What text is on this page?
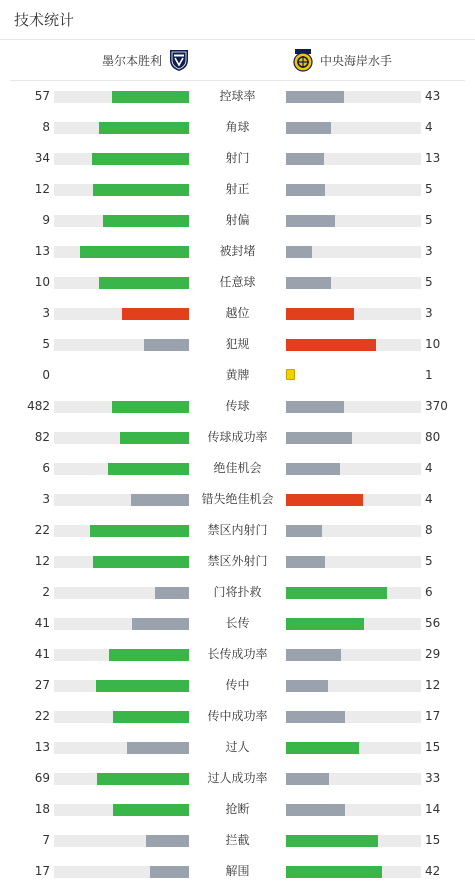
技术统计
墨尔本胜利	中央海岸水手
57	控球率	43
8	角球	4
34	射门	13
12	射正	5
9	射偏	5
13	被封堵	3
10	任意球	5
3	越位	3
5	犯规	10
0	黄牌	1
482	传球	370
82	传球成功率	80
6	绝佳机会	4
3	错失绝佳机会	4
22	禁区内射门	8
12	禁区外射门	5
2	门将扑救	6
41	长传	56
41	长传成功率	29
27	传中	12
22	传中成功率	17
13	过人	15
69	过人成功率	33
18	抢断	14
7	拦截	15
17	解围	42
